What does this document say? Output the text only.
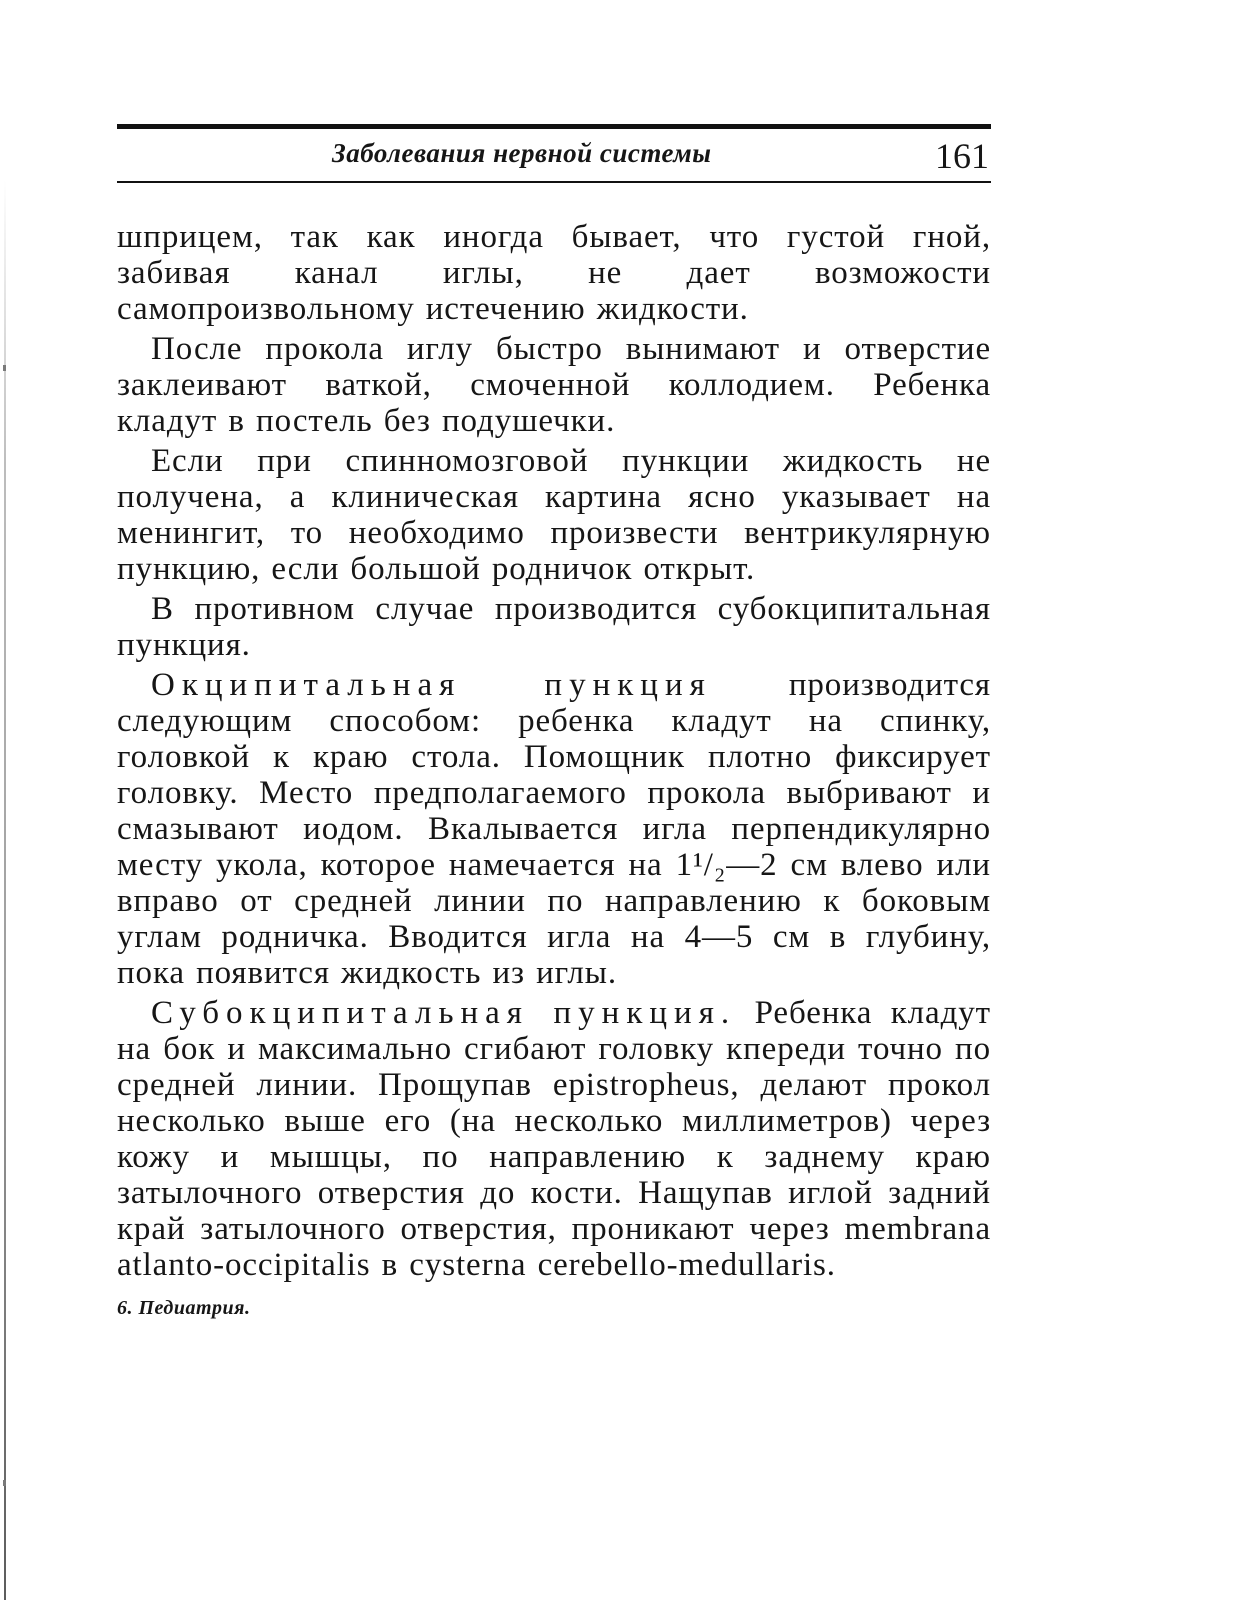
Заболевания нервной системы	161

шприцем, так как иногда бывает, что густой гной, забивая канал иглы, не дает возможости самопроизвольному истечению жидкости.

После прокола иглу быстро вынимают и отверстие заклеивают ваткой, смоченной коллодием. Ребенка кладут в постель без подушечки.

Если при спинномозговой пункции жидкость не получена, а клиническая картина ясно указывает на менингит, то необходимо произвести вентрикулярную пункцию, если большой родничок открыт.

В противном случае производится субокципитальная пункция.

Окципитальная пункция производится следующим способом: ребенка кладут на спинку, головкой к краю стола. Помощник плотно фиксирует головку. Место предполагаемого прокола выбривают и смазывают иодом. Вкалывается игла перпендикулярно месту укола, которое намечается на 1¹/₂—2 см влево или вправо от средней линии по направлению к боковым углам родничка. Вводится игла на 4—5 см в глубину, пока появится жидкость из иглы.

Субокципитальная пункция. Ребенка кладут на бок и максимально сгибают головку кпереди точно по средней линии. Прощупав epistropheus, делают прокол несколько выше его (на несколько миллиметров) через кожу и мышцы, по направлению к заднему краю затылочного отверстия до кости. Нащупав иглой задний край затылочного отверстия, проникают через membrana atlanto-occipitalis в cysterna cerebello-medullaris.

6. Педиатрия.
